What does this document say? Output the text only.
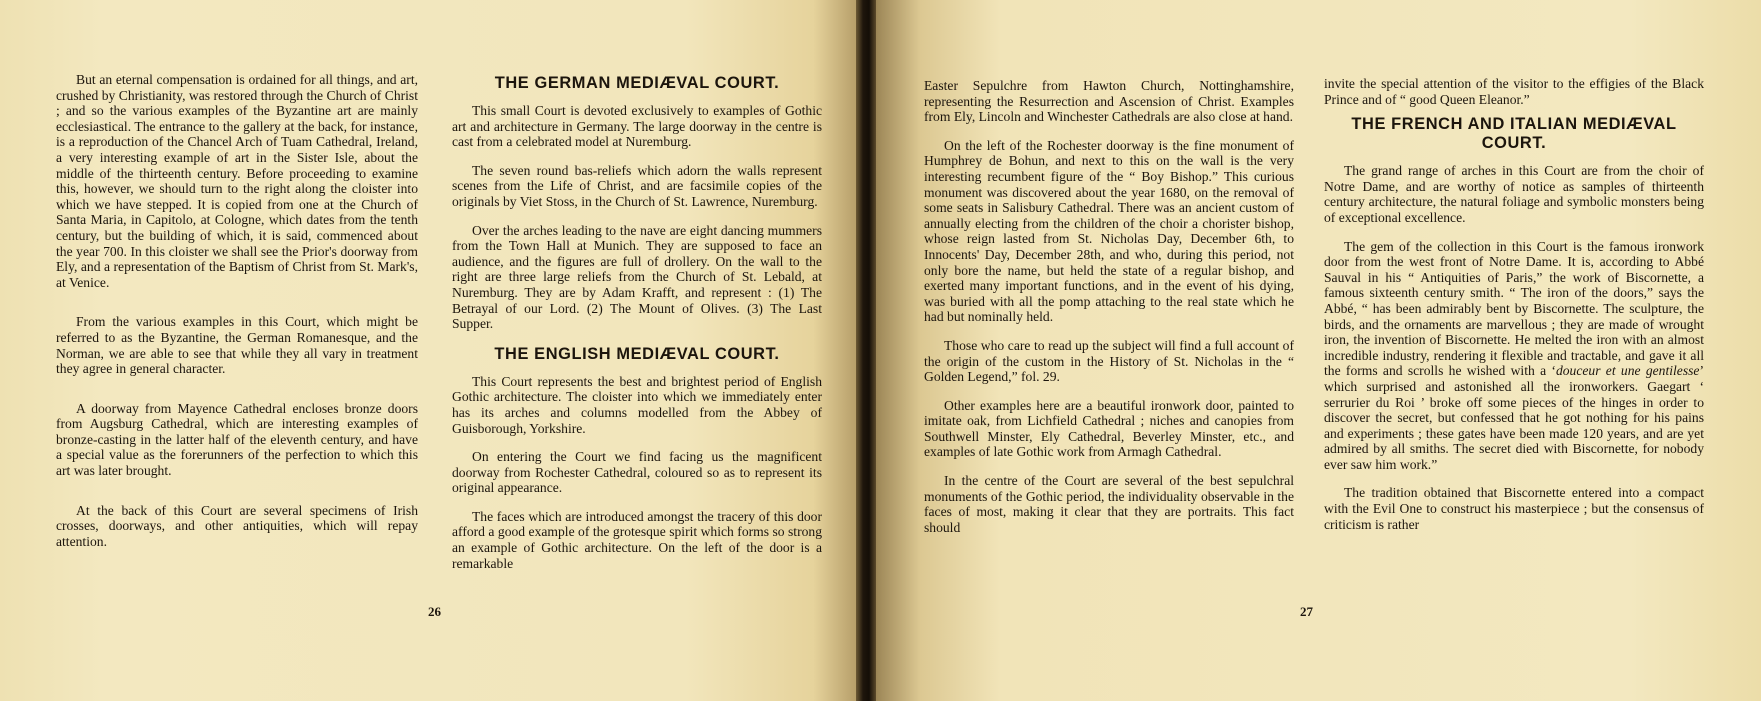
But an eternal compensation is ordained for all things, and art, crushed by Christianity, was restored through the Church of Christ ; and so the various examples of the Byzantine art are mainly ecclesiastical. The entrance to the gallery at the back, for instance, is a reproduction of the Chancel Arch of Tuam Cathedral, Ireland, a very interesting example of art in the Sister Isle, about the middle of the thirteenth century. Before proceeding to examine this, however, we should turn to the right along the cloister into which we have stepped. It is copied from one at the Church of Santa Maria, in Capitolo, at Cologne, which dates from the tenth century, but the building of which, it is said, commenced about the year 700. In this cloister we shall see the Prior's doorway from Ely, and a representation of the Baptism of Christ from St. Mark's, at Venice.

From the various examples in this Court, which might be referred to as the Byzantine, the German Romanesque, and the Norman, we are able to see that while they all vary in treatment they agree in general character.

A doorway from Mayence Cathedral encloses bronze doors from Augsburg Cathedral, which are interesting examples of bronze-casting in the latter half of the eleventh century, and have a special value as the forerunners of the perfection to which this art was later brought.

At the back of this Court are several specimens of Irish crosses, doorways, and other antiquities, which will repay attention.

THE GERMAN MEDIÆVAL COURT.

This small Court is devoted exclusively to examples of Gothic art and architecture in Germany. The large doorway in the centre is cast from a celebrated model at Nuremburg.

The seven round bas-reliefs which adorn the walls represent scenes from the Life of Christ, and are facsimile copies of the originals by Viet Stoss, in the Church of St. Lawrence, Nuremburg.

Over the arches leading to the nave are eight dancing mummers from the Town Hall at Munich. They are supposed to face an audience, and the figures are full of drollery. On the wall to the right are three large reliefs from the Church of St. Lebald, at Nuremburg. They are by Adam Krafft, and represent : (1) The Betrayal of our Lord. (2) The Mount of Olives. (3) The Last Supper.

THE ENGLISH MEDIÆVAL COURT.

This Court represents the best and brightest period of English Gothic architecture. The cloister into which we immediately enter has its arches and columns modelled from the Abbey of Guisborough, Yorkshire.

On entering the Court we find facing us the magnificent doorway from Rochester Cathedral, coloured so as to represent its original appearance.

The faces which are introduced amongst the tracery of this door afford a good example of the grotesque spirit which forms so strong an example of Gothic architecture. On the left of the door is a remarkable

26

Easter Sepulchre from Hawton Church, Nottinghamshire, representing the Resurrection and Ascension of Christ. Examples from Ely, Lincoln and Winchester Cathedrals are also close at hand.

On the left of the Rochester doorway is the fine monument of Humphrey de Bohun, and next to this on the wall is the very interesting recumbent figure of the “ Boy Bishop.” This curious monument was discovered about the year 1680, on the removal of some seats in Salisbury Cathedral. There was an ancient custom of annually electing from the children of the choir a chorister bishop, whose reign lasted from St. Nicholas Day, December 6th, to Innocents' Day, December 28th, and who, during this period, not only bore the name, but held the state of a regular bishop, and exerted many important functions, and in the event of his dying, was buried with all the pomp attaching to the real state which he had but nominally held.

Those who care to read up the subject will find a full account of the origin of the custom in the History of St. Nicholas in the “ Golden Legend,” fol. 29.

Other examples here are a beautiful ironwork door, painted to imitate oak, from Lichfield Cathedral ; niches and canopies from Southwell Minster, Ely Cathedral, Beverley Minster, etc., and examples of late Gothic work from Armagh Cathedral.

In the centre of the Court are several of the best sepulchral monuments of the Gothic period, the individuality observable in the faces of most, making it clear that they are portraits. This fact should

invite the special attention of the visitor to the effigies of the Black Prince and of “ good Queen Eleanor.”

THE FRENCH AND ITALIAN MEDIÆVAL COURT.

The grand range of arches in this Court are from the choir of Notre Dame, and are worthy of notice as samples of thirteenth century architecture, the natural foliage and symbolic monsters being of exceptional excellence.

The gem of the collection in this Court is the famous ironwork door from the west front of Notre Dame. It is, according to Abbé Sauval in his “ Antiquities of Paris,” the work of Biscornette, a famous sixteenth century smith. “ The iron of the doors,” says the Abbé, “ has been admirably bent by Biscornette. The sculpture, the birds, and the ornaments are marvellous ; they are made of wrought iron, the invention of Biscornette. He melted the iron with an almost incredible industry, rendering it flexible and tractable, and gave it all the forms and scrolls he wished with a ‘douceur et une gentilesse’ which surprised and astonished all the ironworkers. Gaegart ‘ serrurier du Roi ’ broke off some pieces of the hinges in order to discover the secret, but confessed that he got nothing for his pains and experiments ; these gates have been made 120 years, and are yet admired by all smiths. The secret died with Biscornette, for nobody ever saw him work.”

The tradition obtained that Biscornette entered into a compact with the Evil One to construct his masterpiece ; but the consensus of criticism is rather

27
